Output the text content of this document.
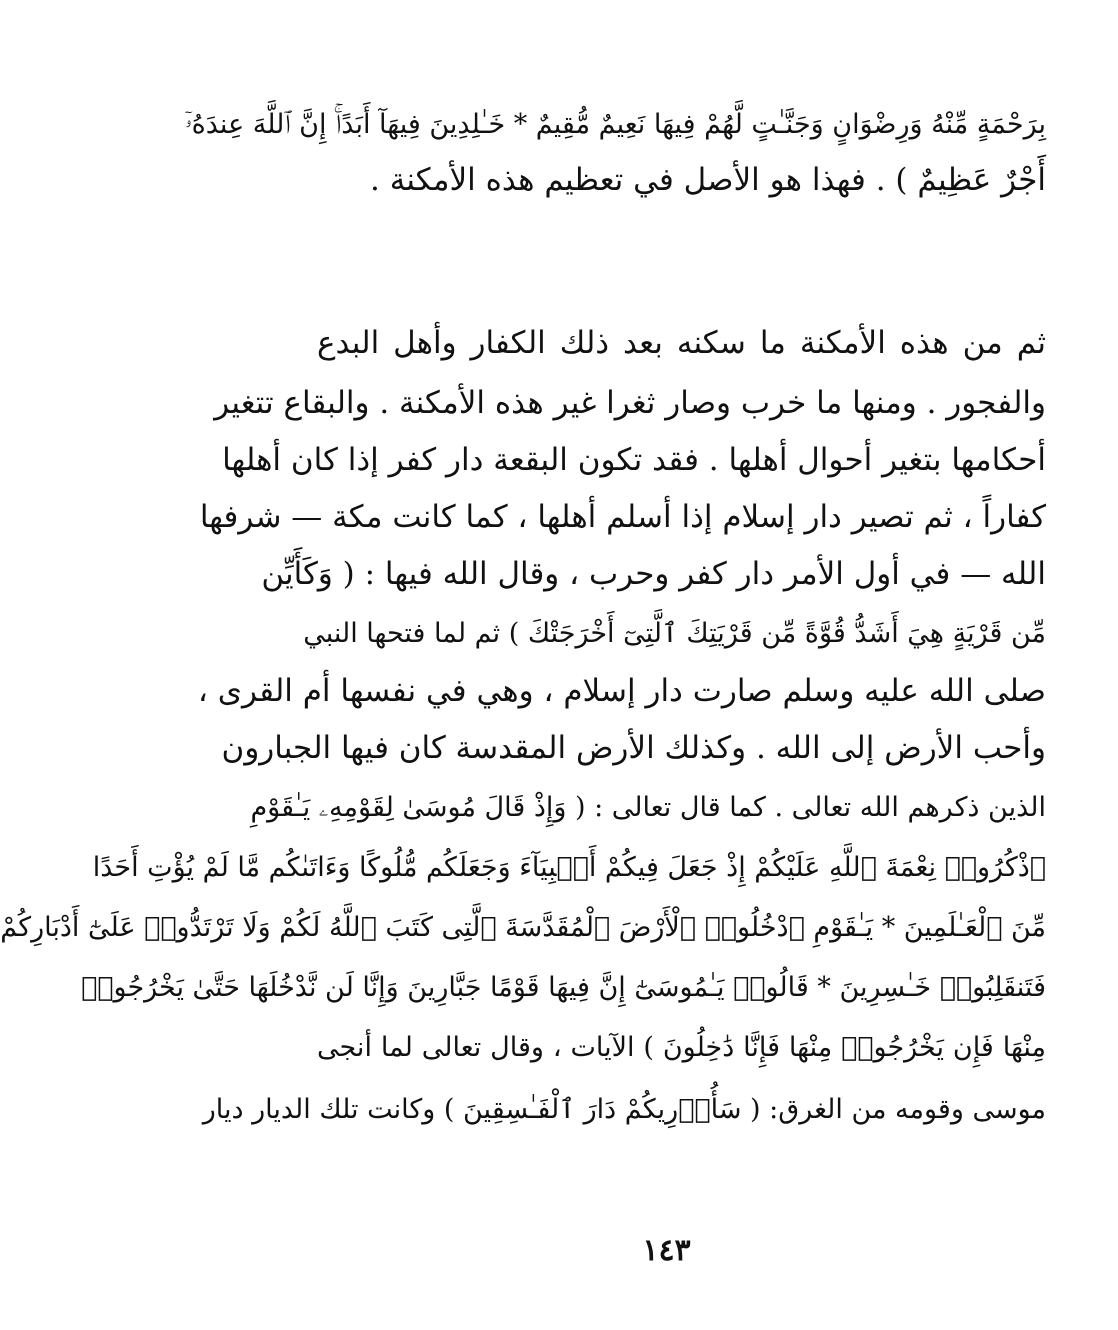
بِرَحْمَةٍ مِّنْهُ وَرِضْوَانٍ وَجَنَّـٰتٍ لَّهُمْ فِيهَا نَعِيمٌ مُّقِيمٌ * خَـٰلِدِينَ فِيهَآ أَبَدًاۚ إِنَّ ٱللَّهَ عِندَهُۥٓ
أَجْرٌ عَظِيمٌ ) . فهذا هو الأصل في تعظيم هذه الأمكنة .
ثم من هذه الأمكنة ما سكنه بعد ذلك الكفار وأهل البدع
والفجور . ومنها ما خرب وصار ثغرا غير هذه الأمكنة . والبقاع تتغير
أحكامها بتغير أحوال أهلها . فقد تكون البقعة دار كفر إذا كان أهلها
كفاراً ، ثم تصير دار إسلام إذا أسلم أهلها ، كما كانت مكة — شرفها
الله — في أول الأمر دار كفر وحرب ، وقال الله فيها : ( وَكَأَيِّن
مِّن قَرْيَةٍ هِيَ أَشَدُّ قُوَّةً مِّن قَرْيَتِكَ ٱلَّتِىٓ أَخْرَجَتْكَ ) ثم لما فتحها النبي
صلى الله عليه وسلم صارت دار إسلام ، وهي في نفسها أم القرى ،
وأحب الأرض إلى الله . وكذلك الأرض المقدسة كان فيها الجبارون
الذين ذكرهم الله تعالى . كما قال تعالى : ( وَإِذْ قَالَ مُوسَىٰ لِقَوْمِهِۦ يَـٰقَوْمِ
ٱذْكُرُوا۟ نِعْمَةَ ٱللَّهِ عَلَيْكُمْ إِذْ جَعَلَ فِيكُمْ أَنۢبِيَآءَ وَجَعَلَكُم مُّلُوكًا وَءَاتَىٰكُم مَّا لَمْ يُؤْتِ أَحَدًا
مِّنَ ٱلْعَـٰلَمِينَ * يَـٰقَوْمِ ٱدْخُلُوا۟ ٱلْأَرْضَ ٱلْمُقَدَّسَةَ ٱلَّتِى كَتَبَ ٱللَّهُ لَكُمْ وَلَا تَرْتَدُّوا۟ عَلَىٰٓ أَدْبَارِكُمْ
فَتَنقَلِبُوا۟ خَـٰسِرِينَ * قَالُوا۟ يَـٰمُوسَىٰٓ إِنَّ فِيهَا قَوْمًا جَبَّارِينَ وَإِنَّا لَن نَّدْخُلَهَا حَتَّىٰ يَخْرُجُوا۟
مِنْهَا فَإِن يَخْرُجُوا۟ مِنْهَا فَإِنَّا دَٰخِلُونَ ) الآيات ، وقال تعالى لما أنجى
موسى وقومه من الغرق: ( سَأُو۟رِيكُمْ دَارَ ٱلْفَـٰسِقِينَ ) وكانت تلك الديار ديار
١٤٣
